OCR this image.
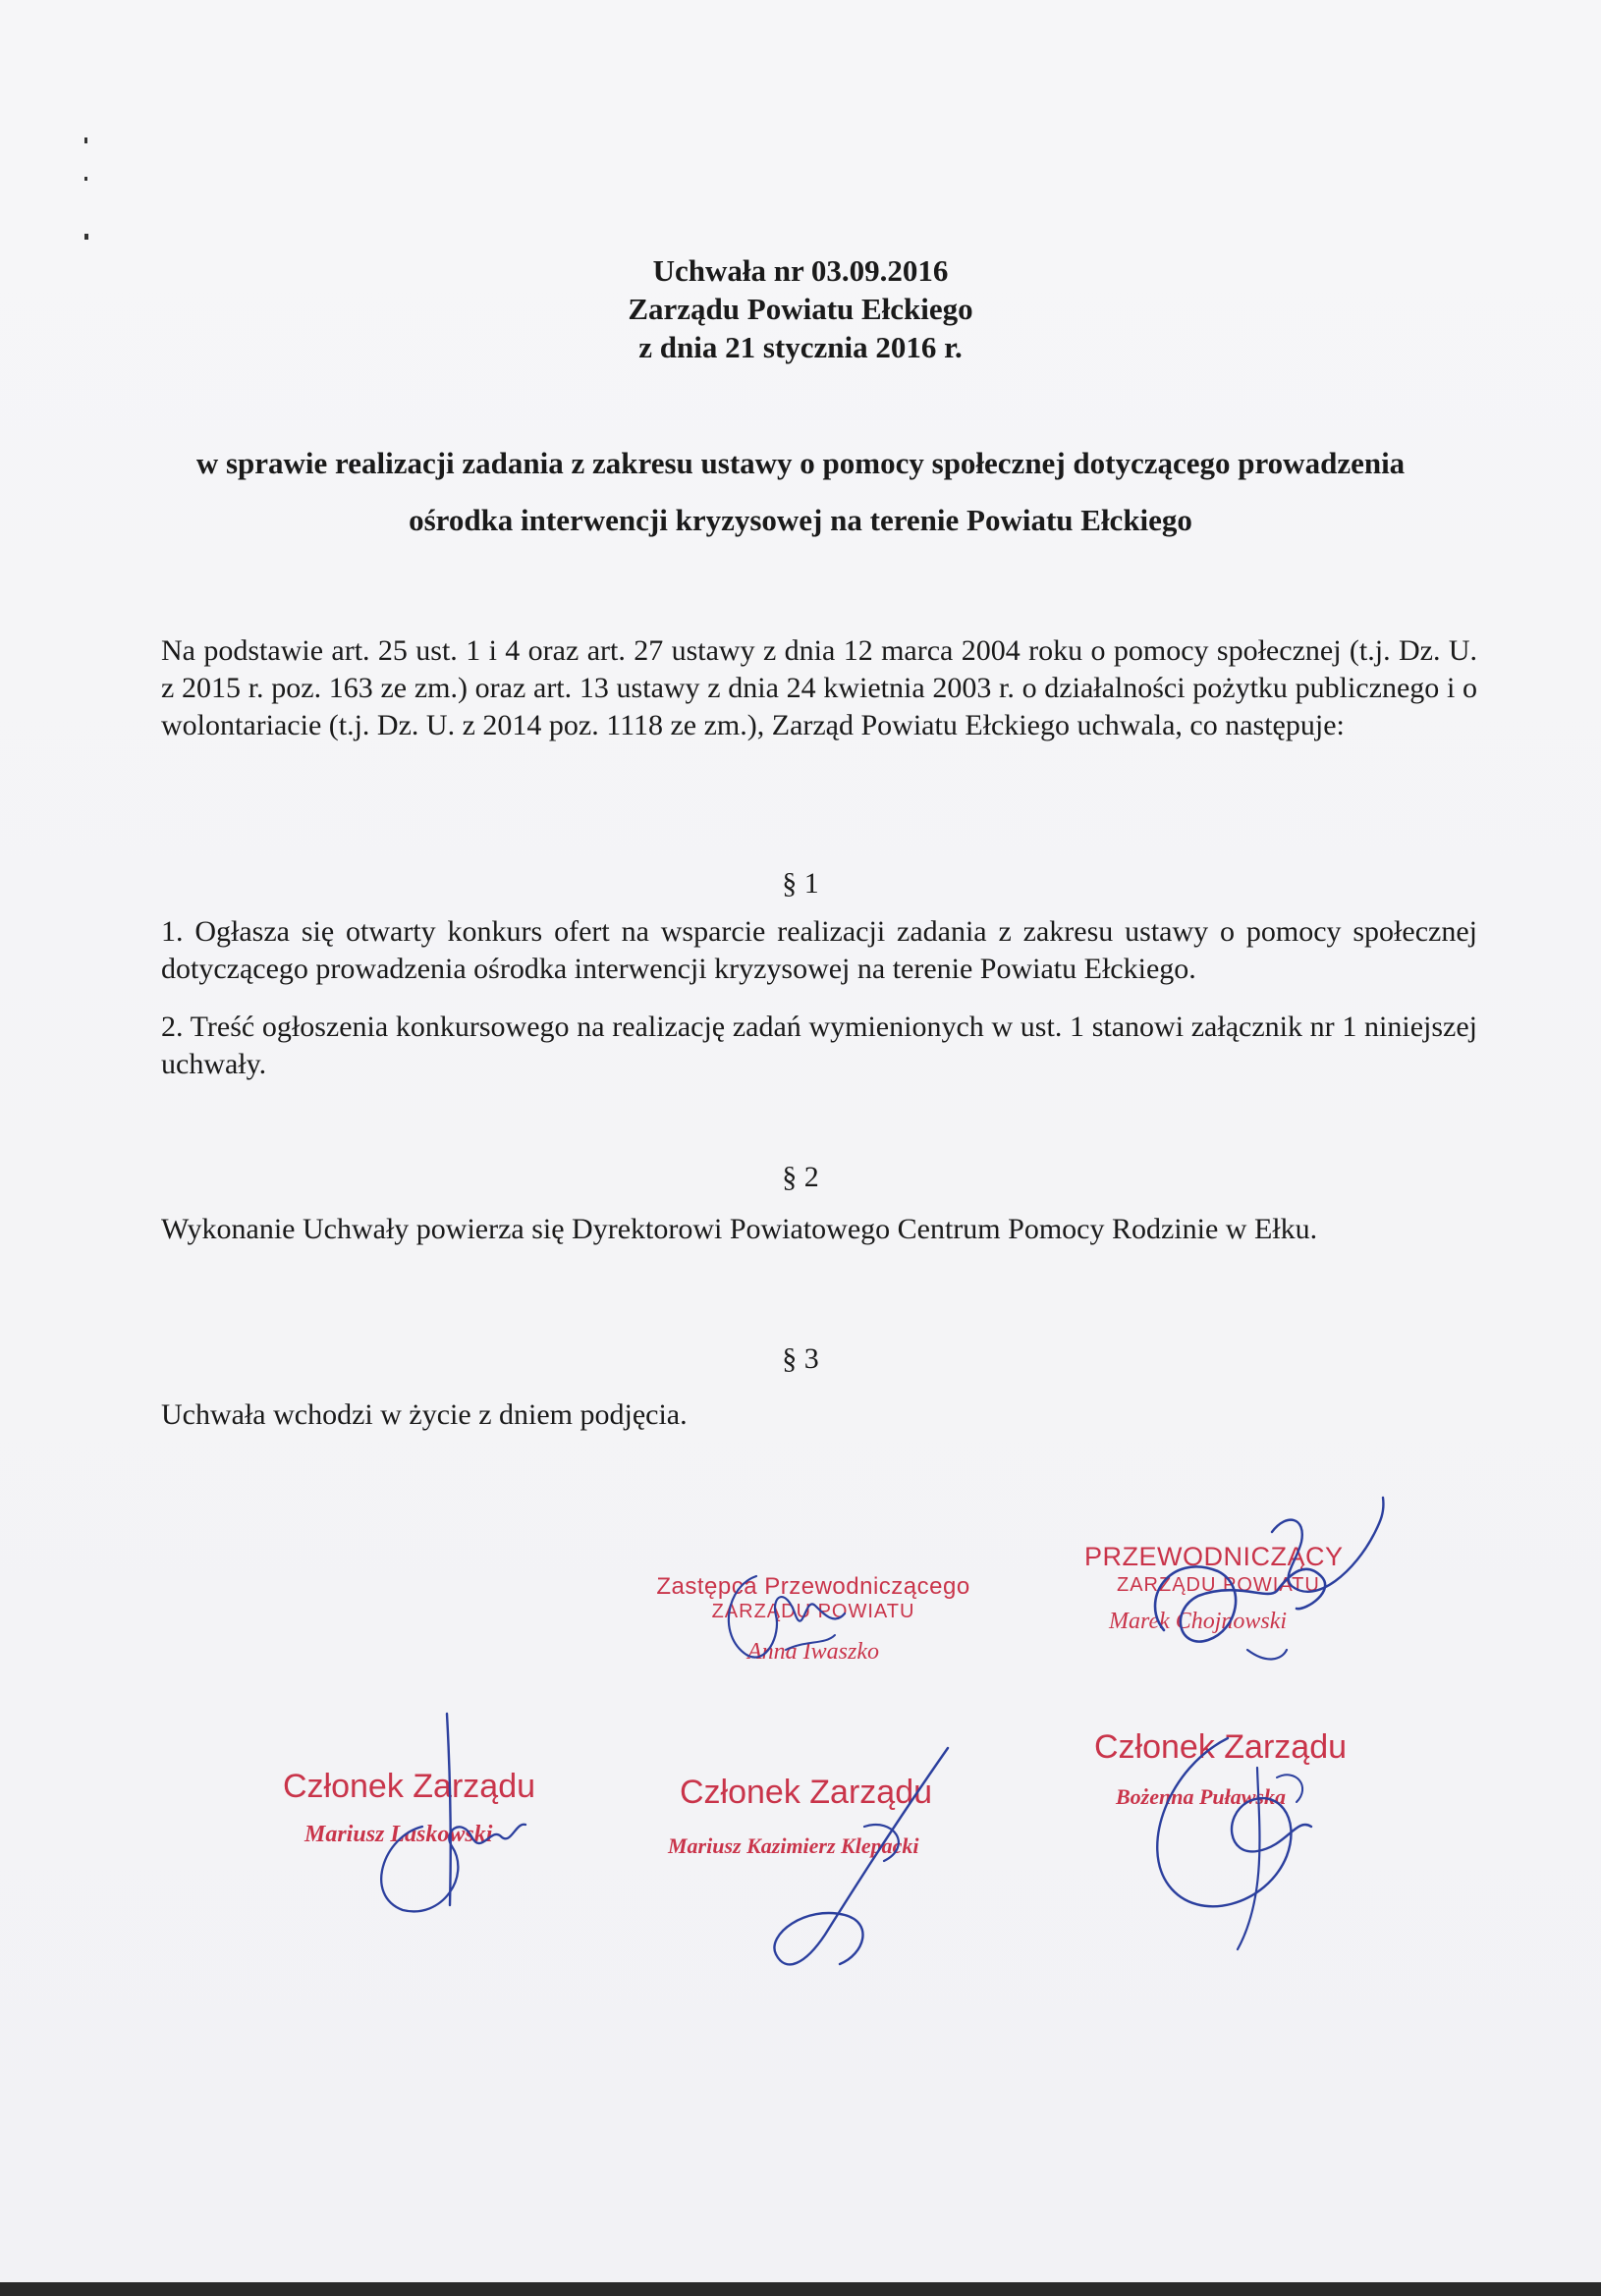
Uchwała nr 03.09.2016
Zarządu Powiatu Ełckiego
z dnia 21 stycznia 2016 r.
w sprawie realizacji zadania z zakresu ustawy o pomocy społecznej dotyczącego prowadzenia
ośrodka interwencji kryzysowej na terenie Powiatu Ełckiego
Na podstawie art. 25 ust. 1 i 4 oraz art. 27 ustawy z dnia 12 marca 2004 roku o pomocy społecznej (t.j. Dz. U. z 2015 r. poz. 163 ze zm.) oraz art. 13 ustawy z dnia 24 kwietnia 2003 r. o działalności pożytku publicznego i o wolontariacie (t.j. Dz. U. z 2014 poz. 1118 ze zm.), Zarząd Powiatu Ełckiego uchwala, co następuje:
§ 1
1. Ogłasza się otwarty konkurs ofert na wsparcie realizacji zadania z zakresu ustawy o pomocy społecznej dotyczącego prowadzenia ośrodka interwencji kryzysowej na terenie Powiatu Ełckiego.
2. Treść ogłoszenia konkursowego na realizację zadań wymienionych w ust. 1 stanowi załącznik nr 1 niniejszej uchwały.
§ 2
Wykonanie Uchwały powierza się Dyrektorowi Powiatowego Centrum Pomocy Rodzinie w Ełku.
§ 3
Uchwała wchodzi w życie z dniem podjęcia.
PRZEWODNICZĄCY
ZARZĄDU POWIATU
Marek Chojnowski
Zastępca Przewodniczącego
ZARZĄDU POWIATU
Anna Iwaszko
Członek Zarządu
Mariusz Laskowski
Członek Zarządu
Mariusz Kazimierz Klepacki
Członek Zarządu
Bożenna Puławska
